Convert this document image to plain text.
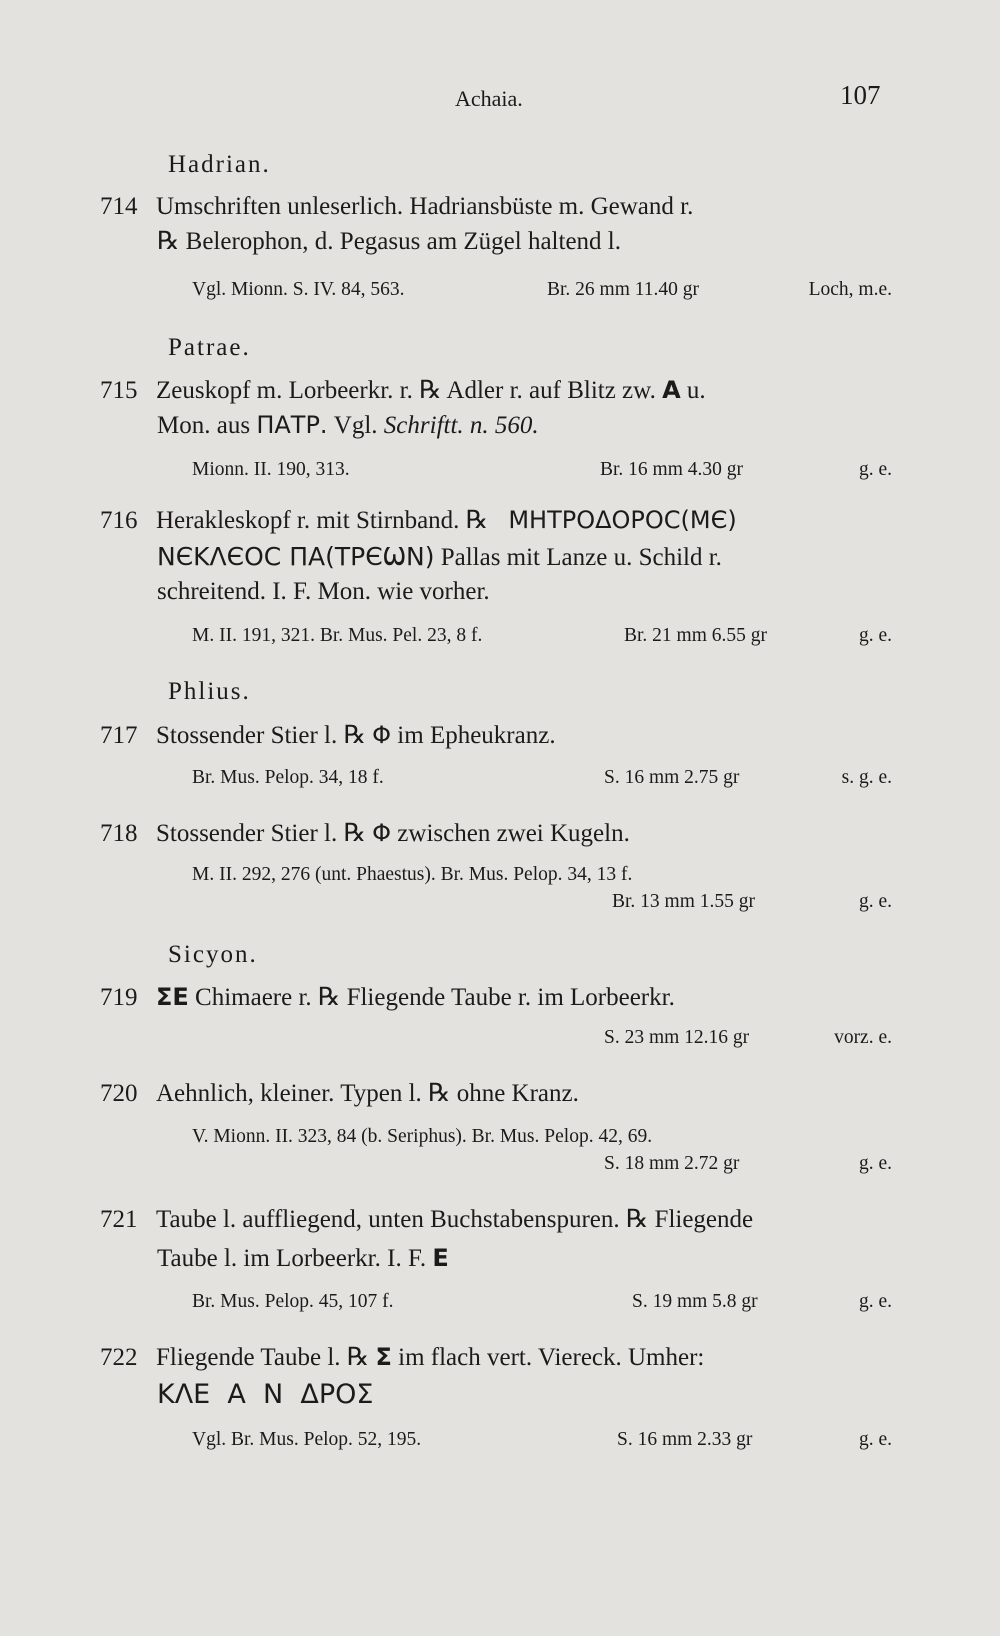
Achaia.	107
Hadrian.
714 Umschriften unleserlich. Hadriansbüste m. Gewand r.
℞ Belerophon, d. Pegasus am Zügel haltend l.
Vgl. Mionn. S. IV. 84, 563.	Br. 26 mm 11.40 gr	Loch, m.e.
Patrae.
715 Zeuskopf m. Lorbeerkr. r. ℞ Adler r. auf Blitz zw. A u.
Mon. aus ΠΑΤΡ. Vgl. Schriftt. n. 560.
Mionn. II. 190, 313.	Br. 16 mm 4.30 gr	g. e.
716 Herakleskopf r. mit Stirnband. ℞ ΜΗΤΡΟΔΟΡΟϹ(ΜЄ)
ΝЄΚΛЄΟϹ ΠΑ(ΤΡЄѠΝ) Pallas mit Lanze u. Schild r.
schreitend. I. F. Mon. wie vorher.
M. II. 191, 321. Br. Mus. Pel. 23, 8 f.	Br. 21 mm 6.55 gr	g. e.
Phlius.
717 Stossender Stier l. ℞ Φ im Epheukranz.
Br. Mus. Pelop. 34, 18 f.	S. 16 mm 2.75 gr	s. g. e.
718 Stossender Stier l. ℞ Φ zwischen zwei Kugeln.
M. II. 292, 276 (unt. Phaestus). Br. Mus. Pelop. 34, 13 f.
Br. 13 mm 1.55 gr	g. e.
Sicyon.
719 ΣΕ Chimaere r. ℞ Fliegende Taube r. im Lorbeerkr.
S. 23 mm 12.16 gr	vorz. e.
720 Aehnlich, kleiner. Typen l. ℞ ohne Kranz.
V. Mionn. II. 323, 84 (b. Seriphus). Br. Mus. Pelop. 42, 69.
S. 18 mm 2.72 gr	g. e.
721 Taube l. auffliegend, unten Buchstabenspuren. ℞ Fliegende
Taube l. im Lorbeerkr. I. F. Ε
Br. Mus. Pelop. 45, 107 f.	S. 19 mm 5.8 gr	g. e.
722 Fliegende Taube l. ℞ Σ im flach vert. Viereck. Umher:
ΚΛΕ  Α  Ν  ΔΡΟΣ
Vgl. Br. Mus. Pelop. 52, 195.	S. 16 mm 2.33 gr	g. e.
